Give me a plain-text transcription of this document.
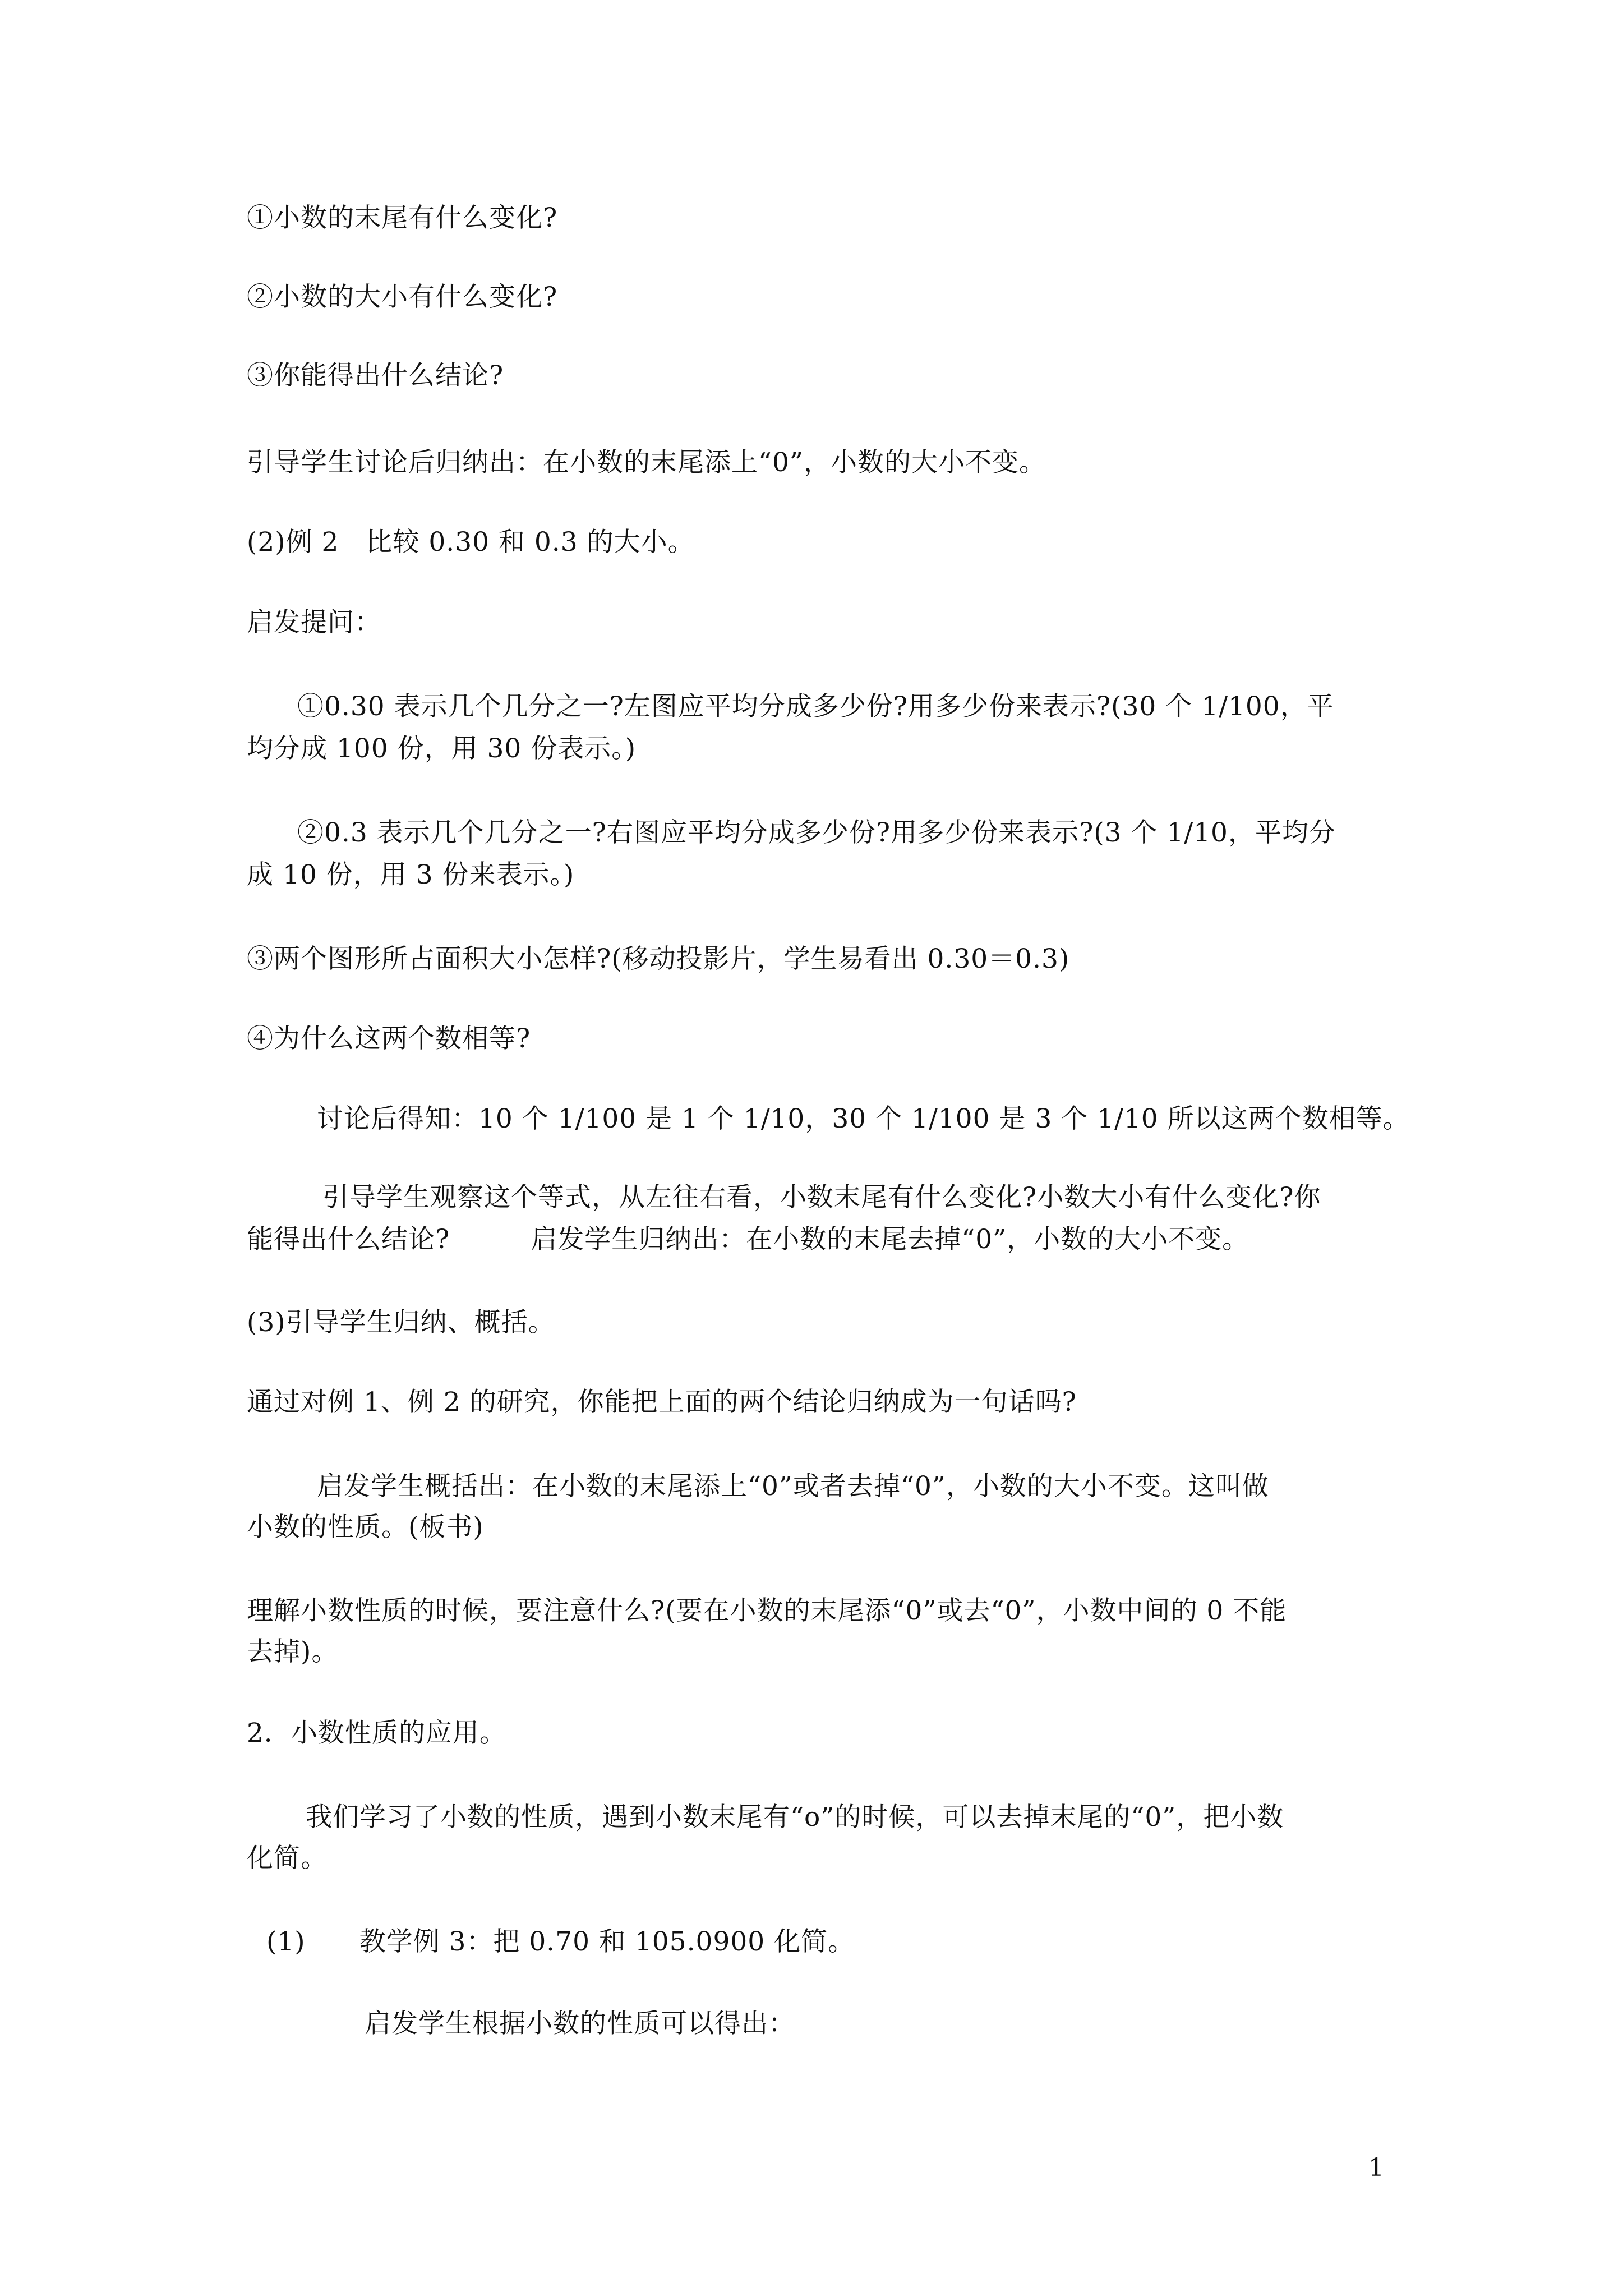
①小数的末尾有什么变化?
②小数的大小有什么变化?
③你能得出什么结论?
引导学生讨论后归纳出：在小数的末尾添上“0”，小数的大小不变。
(2)例 2　比较 0.30 和 0.3 的大小。
启发提问：
①0.30 表示几个几分之一?左图应平均分成多少份?用多少份来表示?(30 个 1/100，平
均分成 100 份，用 30 份表示。)
②0.3 表示几个几分之一?右图应平均分成多少份?用多少份来表示?(3 个 1/10，平均分
成 10 份，用 3 份来表示。)
③两个图形所占面积大小怎样?(移动投影片，学生易看出 0.30＝0.3)
④为什么这两个数相等?
讨论后得知：10 个 1/100 是 1 个 1/10，30 个 1/100 是 3 个 1/10 所以这两个数相等。
引导学生观察这个等式，从左往右看，小数末尾有什么变化?小数大小有什么变化?你
能得出什么结论?　　　启发学生归纳出：在小数的末尾去掉“0”，小数的大小不变。
(3)引导学生归纳、概括。
通过对例 1、例 2 的研究，你能把上面的两个结论归纳成为一句话吗?
启发学生概括出：在小数的末尾添上“0”或者去掉“0”，小数的大小不变。这叫做
小数的性质。(板书)
理解小数性质的时候，要注意什么?(要在小数的末尾添“0”或去“0”，小数中间的 0 不能
去掉)。
2．小数性质的应用。
我们学习了小数的性质，遇到小数末尾有“o”的时候，可以去掉末尾的“0”，把小数
化简。
(1)　　教学例 3：把 0.70 和 105.0900 化简。
启发学生根据小数的性质可以得出：
1
